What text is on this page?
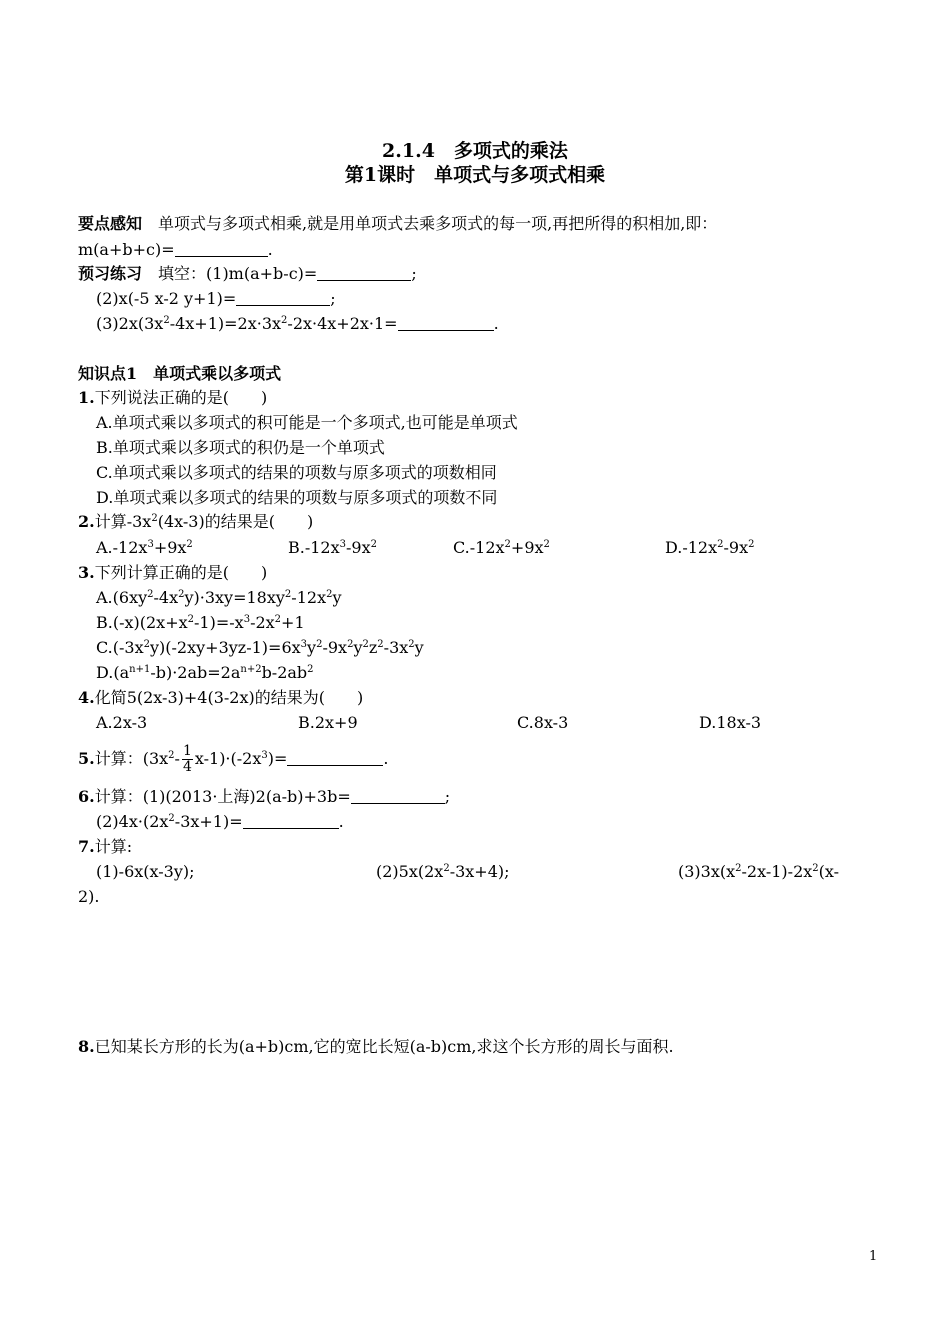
2.1.4　多项式的乘法
第1课时　单项式与多项式相乘
要点感知　单项式与多项式相乘,就是用单项式去乘多项式的每一项,再把所得的积相加,即：
m(a+b+c)=	.
预习练习　填空：(1)m(a+b-c)=	;
(2)x(-5 x-2 y+1)=	;
$(3)2x(3x^2-4x+1)=2x\cdot 3x^2-2x\cdot 4x+2x\cdot 1=$	.
知识点1　单项式乘以多项式
1.下列说法正确的是(　　)
A.单项式乘以多项式的积可能是一个多项式,也可能是单项式
B.单项式乘以多项式的积仍是一个单项式
C.单项式乘以多项式的结果的项数与原多项式的项数相同
D.单项式乘以多项式的结果的项数与原多项式的项数不同
2.计算$-3x^2(4x-3)$的结果是(　　)
$A.-12x^3+9x^2$	$B.-12x^3-9x^2$	$C.-12x^2+9x^2$	$D.-12x^2-9x^2$
3.下列计算正确的是(　　)
$A.(6xy^2-4x^2y)\cdot 3xy=18xy^2-12x^2y$
$B.(-x)(2x+x^2-1)=-x^3-2x^2+1$
$C.(-3x^2y)(-2xy+3yz-1)=6x^3y^2-9x^2y^2z^2-3x^2y$
$D.(a^{n+1}-b)\cdot 2ab=2a^{n+2}b-2ab^2$
4.化简5(2x-3)+4(3-2x)的结果为(　　)
A.2x-3	B.2x+9	C.8x-3	D.18x-3
5.计算：$(3x^2- \frac{1}{4} x-1)\cdot(-2x^3)=$	.
6.计算：(1)(2013·上海)2(a-b)+3b=	;
$(2)4x\cdot(2x^2-3x+1)=$	.
7.计算:
(1)-6x(x-3y);	$(2)5x(2x^2-3x+4)$;	$(3)3x(x^2-2x-1)-2x^2(x-$
2).
8.已知某长方形的长为(a+b)cm,它的宽比长短(a-b)cm,求这个长方形的周长与面积.
1
